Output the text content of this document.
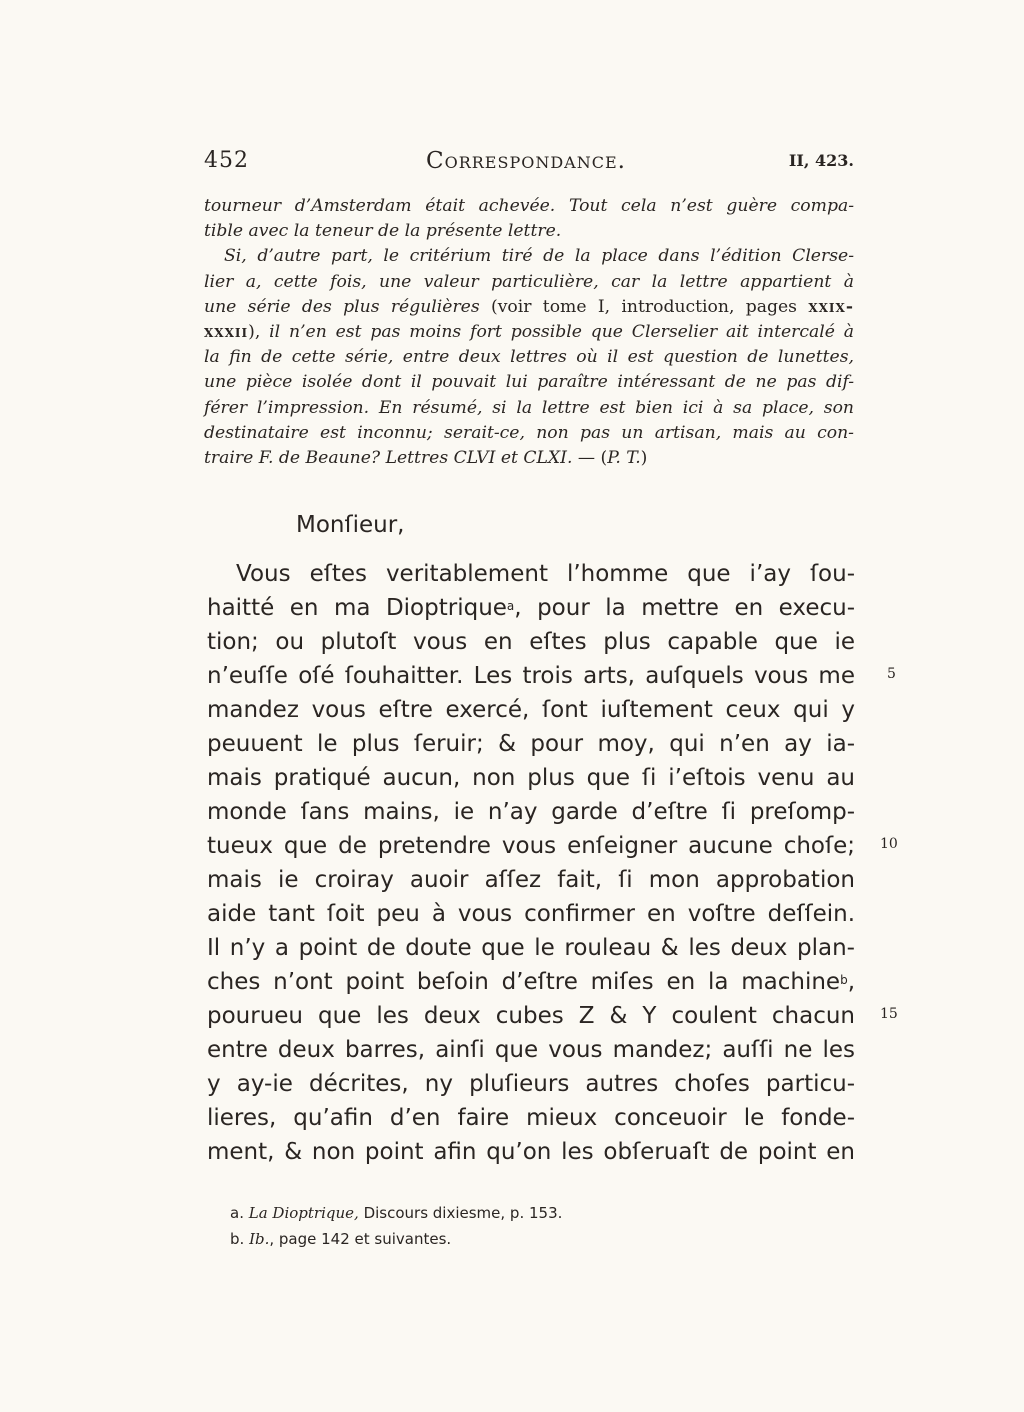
452	Correspondance.	II, 423.

tourneur d’Amsterdam était achevée. Tout cela n’est guère compa-

tible avec la teneur de la présente lettre.

Si, d’autre part, le critérium tiré de la place dans l’édition Clerse-

lier a, cette fois, une valeur particulière, car la lettre appartient à

une série des plus régulières (voir tome I, introduction, pages xxix-

xxxii), il n’en est pas moins fort possible que Clerselier ait intercalé à

la fin de cette série, entre deux lettres où il est question de lunettes,

une pièce isolée dont il pouvait lui paraître intéressant de ne pas dif-

férer l’impression. En résumé, si la lettre est bien ici à sa place, son

destinataire est inconnu; serait-ce, non pas un artisan, mais au con-

traire F. de Beaune? Lettres CLVI et CLXI. — (P. T.)

Monſieur,
Vous eſtes veritablement l’homme que i’ay ſou-
haitté en ma Dioptrique$^a$, pour la mettre en execu-
tion; ou plutoſt vous en eſtes plus capable que ie
n’euſſe oſé ſouhaitter. Les trois arts, auſquels vous me
mandez vous eſtre exercé, ſont iuſtement ceux qui y
peuuent le plus ſeruir; & pour moy, qui n’en ay ia-
mais pratiqué aucun, non plus que ſi i’eſtois venu au
monde ſans mains, ie n’ay garde d’eſtre ſi preſomp-
tueux que de pretendre vous enſeigner aucune choſe;
mais ie croiray auoir aſſez fait, ſi mon approbation
aide tant ſoit peu à vous confirmer en voſtre deſſein.
Il n’y a point de doute que le rouleau & les deux plan-
ches n’ont point beſoin d’eſtre miſes en la machine$^b$,
pourueu que les deux cubes Z & Y coulent chacun
entre deux barres, ainſi que vous mandez; auſſi ne les
y ay-ie décrites, ny pluſieurs autres choſes particu-
lieres, qu’afin d’en faire mieux conceuoir le fonde-
ment, & non point afin qu’on les obſeruaſt de point en
5
10
15

a. La Dioptrique, Discours dixiesme, p. 153.

b. Ib., page 142 et suivantes.
